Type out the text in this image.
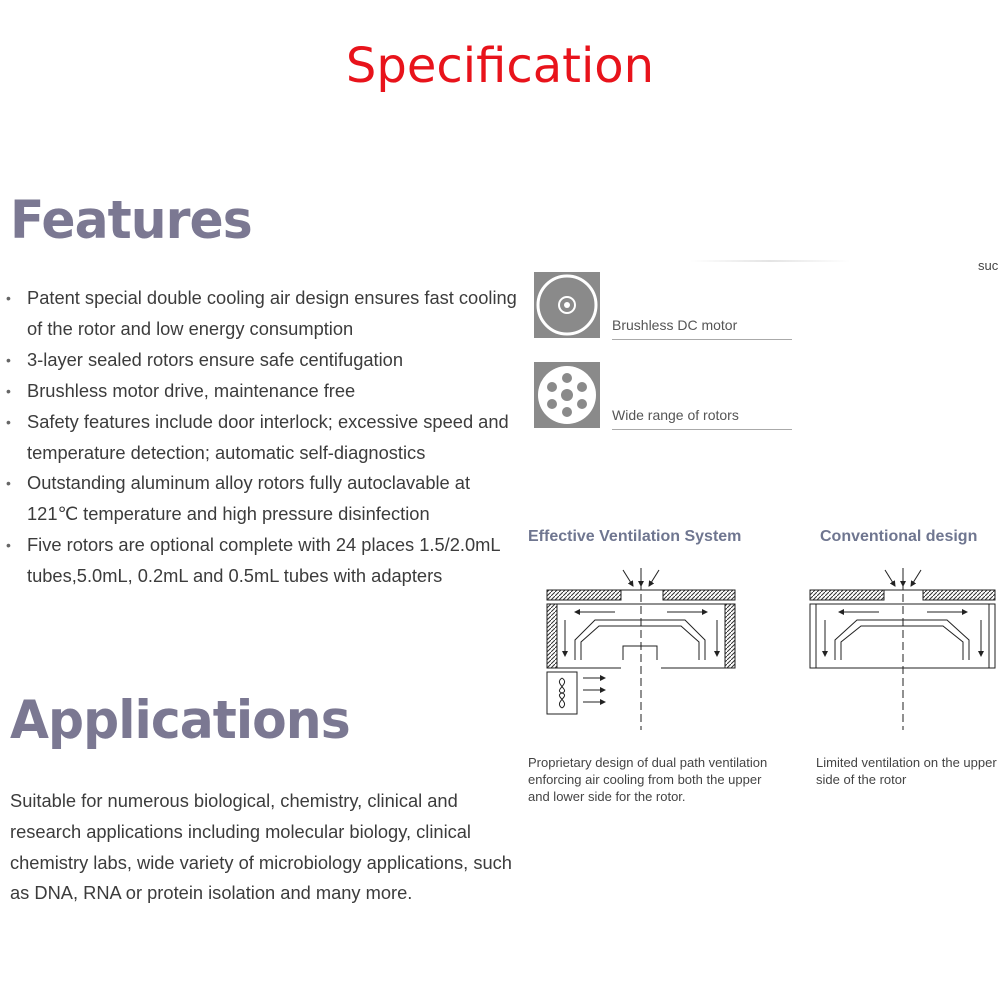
Specification
Features
• Patent special double cooling air design ensures fast cooling of the rotor and low energy consumption
• 3-layer sealed rotors ensure safe centifugation
• Brushless motor drive, maintenance free
• Safety features include door interlock; excessive speed and temperature detection; automatic self-diagnostics
• Outstanding aluminum alloy rotors fully autoclavable at 121℃ temperature and high pressure disinfection
• Five rotors are optional complete with 24 places 1.5/2.0mL tubes,5.0mL, 0.2mL and 0.5mL tubes with adapters
Applications

Suitable for numerous biological, chemistry, clinical and research applications including molecular biology, clinical chemistry labs, wide variety of microbiology applications, such as DNA, RNA or protein isolation and many more.

Brushless DC motor
Wide range of rotors
suc
Effective Ventilation System	Conventional design
Proprietary design of dual path ventilation enforcing air cooling from both the upper and lower side for the rotor.
Limited ventilation on the upper side of the rotor
